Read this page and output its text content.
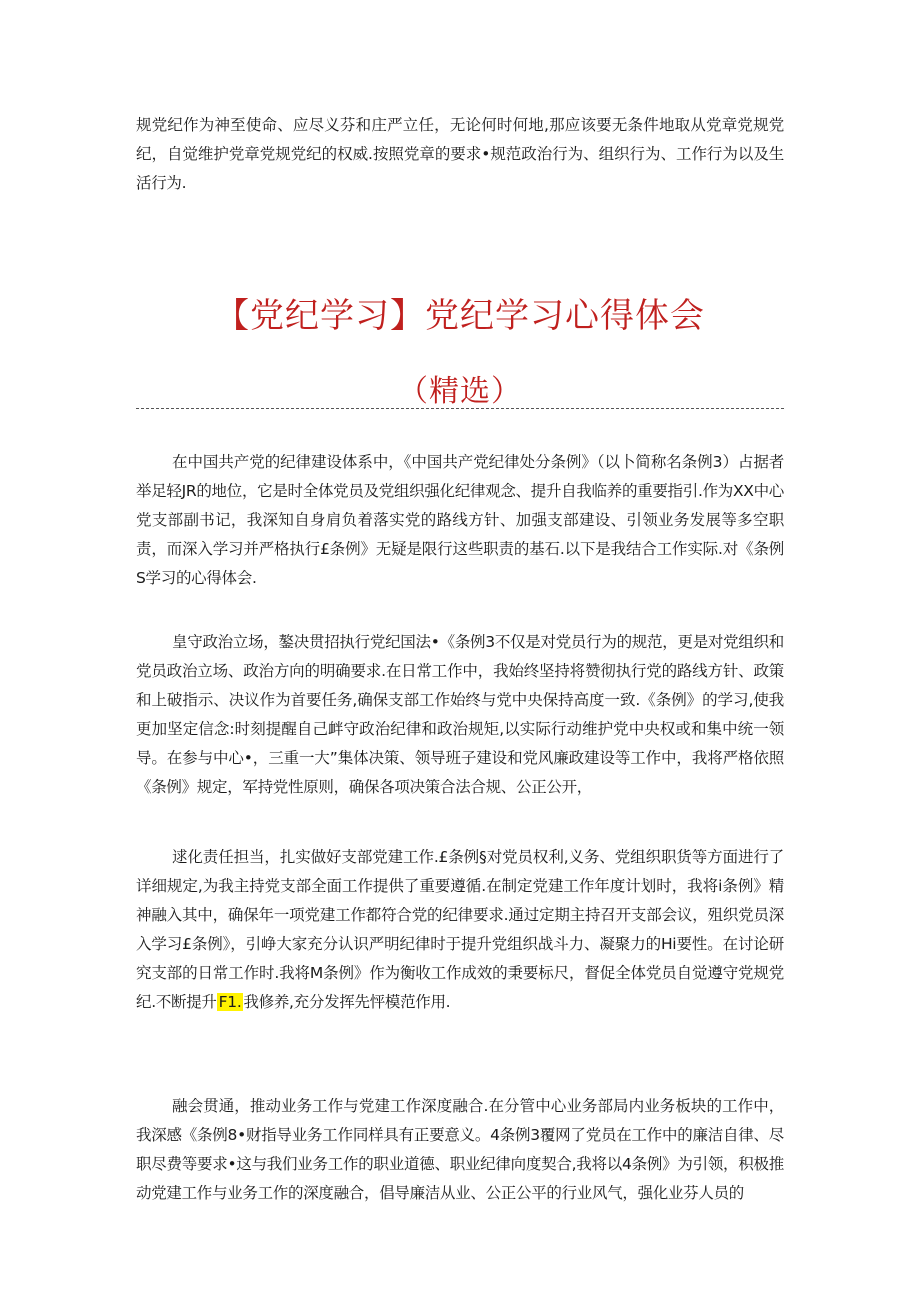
规党纪作为神至使命、应尽义芬和庄严立任，无论何时何地,那应该要无条件地取从党章党规党纪，自觉维护党章党规党纪的权威.按照党章的要求•规范政治行为、组织行为、工作行为以及生活行为.

【党纪学习】党纪学习心得体会
（精选）

在中国共产党的纪律建设体系中，《中国共产党纪律处分条例》（以卜简称名条例3）占据者举足轻JR的地位，它是时全体党员及党组织强化纪律观念、提升自我临养的重要指引.作为XX中心党支部副书记，我深知自身肩负着落实党的路线方针、加强支部建设、引领业务发展等多空职责，而深入学习并严格执行£条例》无疑是限行这些职责的基石.以下是我结合工作实际.对《条例S学习的心得体会.

皇守政治立场，鏊决贯招执行党纪国法•《条例3不仅是对党员行为的规范，更是对党组织和党员政治立场、政治方向的明确要求.在日常工作中，我始终坚持将赞彻执行党的路线方针、政策和上破指示、决议作为首要任务,确保支部工作始终与党中央保持高度一致.《条例》的学习,使我更加坚定信念:时刻提醒自己衅守政治纪律和政治规矩,以实际行动维护党中央权或和集中统一领导。在参与中心•，三重一大”集体决策、领导班子建设和党风廉政建设等工作中，我将严格依照《条例》规定，军持党性原则，确保各项决策合法合规、公正公开，

逑化责任担当，扎实做好支部党建工作.£条例§对党员权利,义务、党组织职货等方面进行了详细规定,为我主持党支部全面工作提供了重要遵循.在制定党建工作年度计划时，我将i条例》精神融入其中，确保年一项党建工作都符合党的纪律要求.通过定期主持召开支部会议，殂织党员深入学习£条例》，引峥大家充分认识严明纪律时于提升党组织战斗力、凝聚力的Hi要性。在讨论研究支部的日常工作时.我将M条例》作为衡收工作成效的秉要标尺，督促全体党员自觉遵守党规党纪.不断提升 F1. 我修养,充分发挥先怦模范作用.

融会贯通，推动业务工作与党建工作深度融合.在分管中心业务部局内业务板块的工作中，我深感《条例8•财指导业务工作同样具有正要意义。4条例3覆网了党员在工作中的廉洁自律、尽职尽费等要求•这与我们业务工作的职业道德、职业纪律向度契合,我将以4条例》为引领，积极推动党建工作与业务工作的深度融合，倡导廉洁从业、公正公平的行业风气，强化业芬人员的
